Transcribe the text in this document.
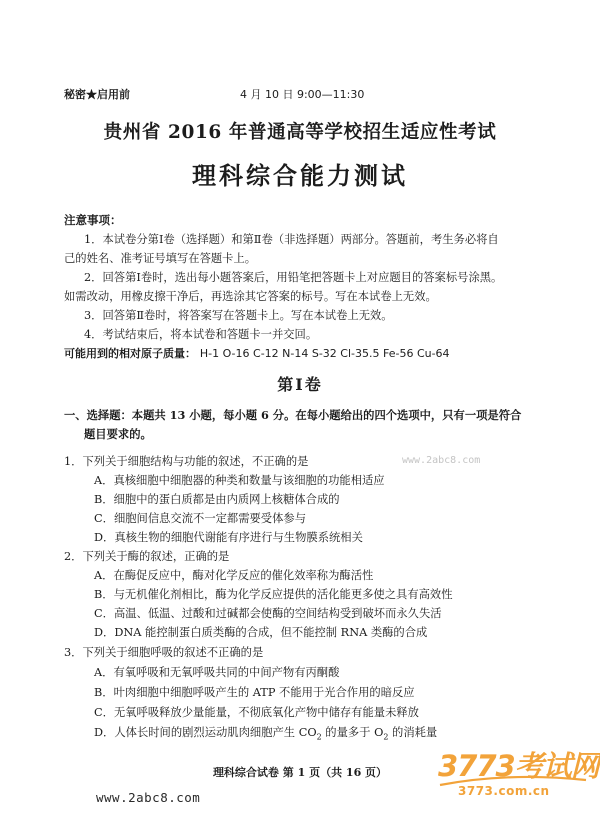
秘密★启用前	4 月 10 日 9:00—11:30
贵州省 2016 年普通高等学校招生适应性考试
理科综合能力测试
注意事项：
1．本试卷分第Ⅰ卷（选择题）和第Ⅱ卷（非选择题）两部分。答题前，考生务必将自
己的姓名、准考证号填写在答题卡上。
2．回答第Ⅰ卷时，选出每小题答案后，用铅笔把答题卡上对应题目的答案标号涂黑。
如需改动，用橡皮擦干净后，再选涂其它答案的标号。写在本试卷上无效。
3．回答第Ⅱ卷时，将答案写在答题卡上。写在本试卷上无效。
4．考试结束后，将本试卷和答题卡一并交回。
可能用到的相对原子质量： H-1 O-16 C-12 N-14 S-32 Cl-35.5 Fe-56 Cu-64
第Ⅰ卷
一、选择题：本题共 13 小题，每小题 6 分。在每小题给出的四个选项中，只有一项是符合
题目要求的。
www.2abc8.com
1．下列关于细胞结构与功能的叙述，不正确的是
A．真核细胞中细胞器的种类和数量与该细胞的功能相适应
B．细胞中的蛋白质都是由内质网上核糖体合成的
C．细胞间信息交流不一定都需要受体参与
D．真核生物的细胞代谢能有序进行与生物膜系统相关
2．下列关于酶的叙述，正确的是
A．在酶促反应中，酶对化学反应的催化效率称为酶活性
B．与无机催化剂相比，酶为化学反应提供的活化能更多使之具有高效性
C．高温、低温、过酸和过碱都会使酶的空间结构受到破坏而永久失活
D．DNA 能控制蛋白质类酶的合成，但不能控制 RNA 类酶的合成
3．下列关于细胞呼吸的叙述不正确的是
A．有氧呼吸和无氧呼吸共同的中间产物有丙酮酸
B．叶肉细胞中细胞呼吸产生的 ATP 不能用于光合作用的暗反应
C．无氧呼吸释放少量能量，不彻底氧化产物中储存有能量未释放
D．人体长时间的剧烈运动肌肉细胞产生 $CO_2$ 的量多于 $O_2$ 的消耗量
理科综合试卷 第 1 页（共 16 页）
www.2abc8.com
3773考试网
3773.com.cn
